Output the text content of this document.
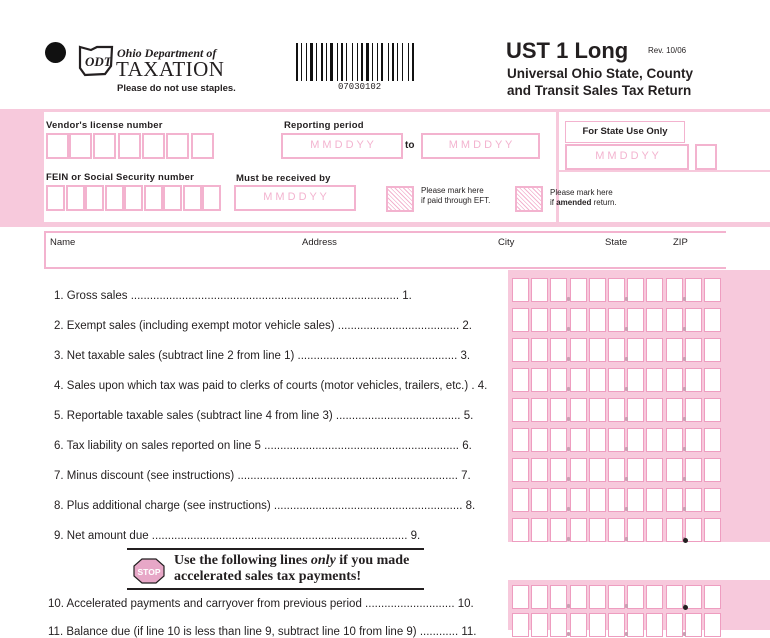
ODT
Ohio Department of
TAXATION
Please do not use staples.	07030102
UST 1 Long Rev. 10/06
Universal Ohio State, County
and Transit Sales Tax Return
Vendor's license number	Reporting period
M M D D Y Y	to	M M D D Y Y
For State Use Only
M M D D Y Y
FEIN or Social Security number	Must be received by
M M D D Y Y
Please mark here
if paid through EFT.
Please mark here
if amended return.
Name	Address	City	State	ZIP
1. Gross sales .................................................................................... 1.
2. Exempt sales (including exempt motor vehicle sales) ...................................... 2.
3. Net taxable sales (subtract line 2 from line 1) .................................................. 3.
4. Sales upon which tax was paid to clerks of courts (motor vehicles, trailers, etc.) . 4.
5. Reportable taxable sales (subtract line 4 from line 3) ....................................... 5.
6. Tax liability on sales reported on line 5 ............................................................. 6.
7. Minus discount (see instructions) ..................................................................... 7.
8. Plus additional charge (see instructions) ........................................................... 8.
9. Net amount due ................................................................................ 9.
STOP
Use the following lines only if you made
accelerated sales tax payments!
10. Accelerated payments and carryover from previous period ............................ 10.
11. Balance due (if line 10 is less than line 9, subtract line 10 from line 9) ............ 11.
